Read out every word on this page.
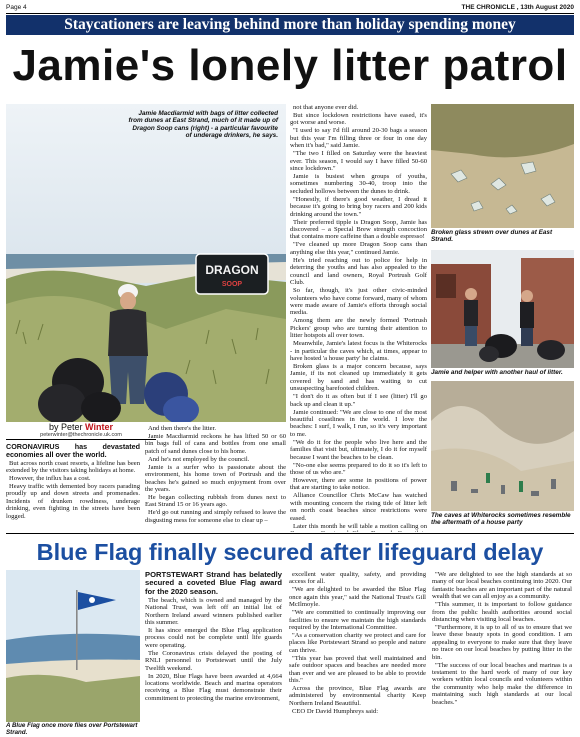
Page 4	THE CHRONICLE , 13th August 2020
Staycationers are leaving behind more than holiday spending money
Jamie's lonely litter patrol
DRAGON
SOOP
Jamie Macdiarmid with bags of litter collected from dunes at East Strand, much of it made up of Dragon Soop cans (right) - a particular favourite of underage drinkers, he says.
by Peter Winter
peterwinter@thechronicle.uk.com

CORONAVIRUS has devastated economies all over the world.

But across north coast resorts, a lifeline has been extended by the visitors taking holidays at home.

However, the influx has a cost.

Heavy traffic with demented boy racers parading proudly up and down streets and promenades. Incidents of drunken rowdiness, underage drinking, even fighting in the streets have been logged.

And then there's the litter.

Jamie Macdiarmid reckons he has lifted 50 or 60 bin bags full of cans and bottles from one small patch of sand dunes close to his home.

And he's not employed by the council.

Jamie is a surfer who is passionate about the environment, his home town of Portrush and the beaches he's gained so much enjoyment from over the years.

He began collecting rubbish from dunes next to East Strand 15 or 16 years ago.

He'd go out running and simply refused to leave the disgusting mess for someone else to clear up –

not that anyone ever did.

But since lockdown restrictions have eased, it's got worse and worse.

"I used to say I'd fill around 20-30 bags a season but this year I'm filling three or four in one day when it's bad," said Jamie.

"The two I filled on Saturday were the heaviest ever. This season, I would say I have filled 50-60 since lockdown."

Jamie is busiest when groups of youths, sometimes numbering 30-40, troop into the secluded hollows between the dunes to drink.

"Honestly, if there's good weather, I dread it because it's going to bring boy racers and 200 kids drinking around the town."

Their preferred tipple is Dragon Soop, Jamie has discovered – a Special Brew strength concoction that contains more caffeine than a double espresso!

"I've cleaned up more Dragon Soop cans than anything else this year," continued Jamie.

He's tried reaching out to police for help in deterring the youths and has also appealed to the council and land owners, Royal Portrush Golf Club.

So far, though, it's just other civic-minded volunteers who have come forward, many of whom were made aware of Jamie's efforts through social media.

Among them are the newly formed 'Portrush Pickers' group who are turning their attention to litter hotspots all over town.

Meanwhile, Jamie's latest focus is the Whiterocks - in particular the caves which, at times, appear to have hosted 'a house party' he claims.

Broken glass is a major concern because, says Jamie, if its not cleaned up immediately it gets covered by sand and has waiting to cut unsuspecting barefooted children.

"I don't do it as often but if I see (litter) I'll go back up and clean it up."

Jamie continued: "We are close to one of the most beautiful coastlines in the world. I love the beaches: I surf, I walk, I run, so it's very important to me.

"We do it for the people who live here and the families that visit but, ultimately, I do it for myself because I want the beaches to be clean.

"No-one else seems prepared to do it so it's left to those of us who are."

However, there are some in positions of power that are starting to take notice.

Alliance Councillor Chris McCaw has watched with mounting concern the rising tide of litter left on north coast beaches since restrictions were eased.

Later this month he will table a motion calling on

Broken glass strewn over dunes at East Strand.
Jamie and helper with another haul of litter.
The caves at Whiterocks sometimes resemble the aftermath of a house party
Blue Flag finally secured after lifeguard delay
A Blue Flag once more flies over Portstewart Strand.

PORTSTEWART Strand has belatedly secured a coveted Blue Flag award for the 2020 season.

The beach, which is owned and managed by the National Trust, was left off an initial list of Northern Ireland award winners published earlier this summer.

It has since emerged the Blue Flag application process could not be complete until life guards were operating.

The Coronavirus crisis delayed the posting of RNLI personnel to Portstewart until the July Twelfth weekend.

In 2020, Blue Flags have been awarded at 4,664 locations worldwide. Beach and marina operators receiving a Blue Flag must demonstrate their commitment to protecting the marine environment,

excellent water quality, safety, and providing access for all.

"We are delighted to be awarded the Blue Flag once again this year," said the National Trust's Gill McIlmoyle.

"We are committed to continually improving our facilities to ensure we maintain the high standards required by the International Committee.

"As a conservation charity we protect and care for places like Portstewart Strand so people and nature can thrive.

"This year has proved that well maintained and safe outdoor spaces and beaches are needed more than ever and we are pleased to be able to provide this."

Across the province, Blue Flag awards are administered by environmental charity Keep Northern Ireland Beautiful.

CEO Dr David Humphreys said:

"We are delighted to see the high standards at so many of our local beaches continuing into 2020. Our fantastic beaches are an important part of the natural wealth that we can all enjoy as a community.

"This summer, it is important to follow guidance from the public health authorities around social distancing when visiting local beaches.

"Furthermore, it is up to all of us to ensure that we leave these beauty spots in good condition. I am appealing to everyone to make sure that they leave no trace on our local beaches by putting litter in the bin.

"The success of our local beaches and marinas is a testament to the hard work of many of our key workers within local councils and volunteers within the community who help make the difference in maintaining such high standards at our local beaches."
